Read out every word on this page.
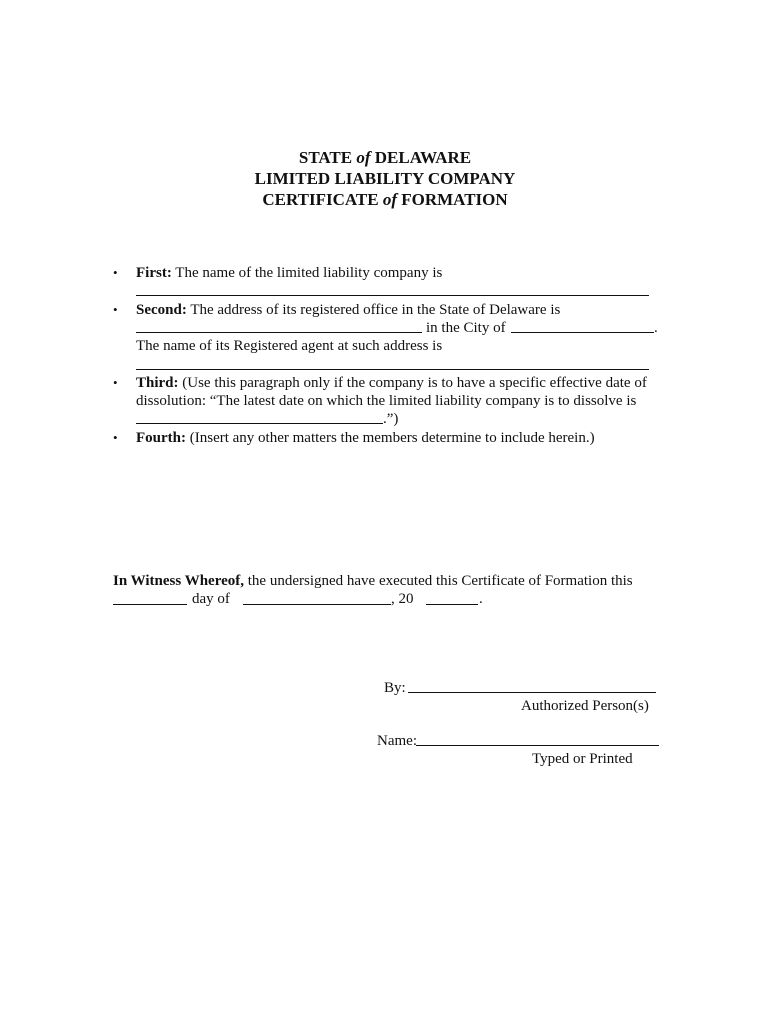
STATE of DELAWARE
LIMITED LIABILITY COMPANY
CERTIFICATE of FORMATION
• First: The name of the limited liability company is
• Second: The address of its registered office in the State of Delaware is
in the City of	.
The name of its Registered agent at such address is
• Third: (Use this paragraph only if the company is to have a specific effective date of
dissolution: “The latest date on which the limited liability company is to dissolve is
.”)
• Fourth: (Insert any other matters the members determine to include herein.)
In Witness Whereof, the undersigned have executed this Certificate of Formation this
day of	, 20	.
By:
Authorized Person(s)
Name:
Typed or Printed
